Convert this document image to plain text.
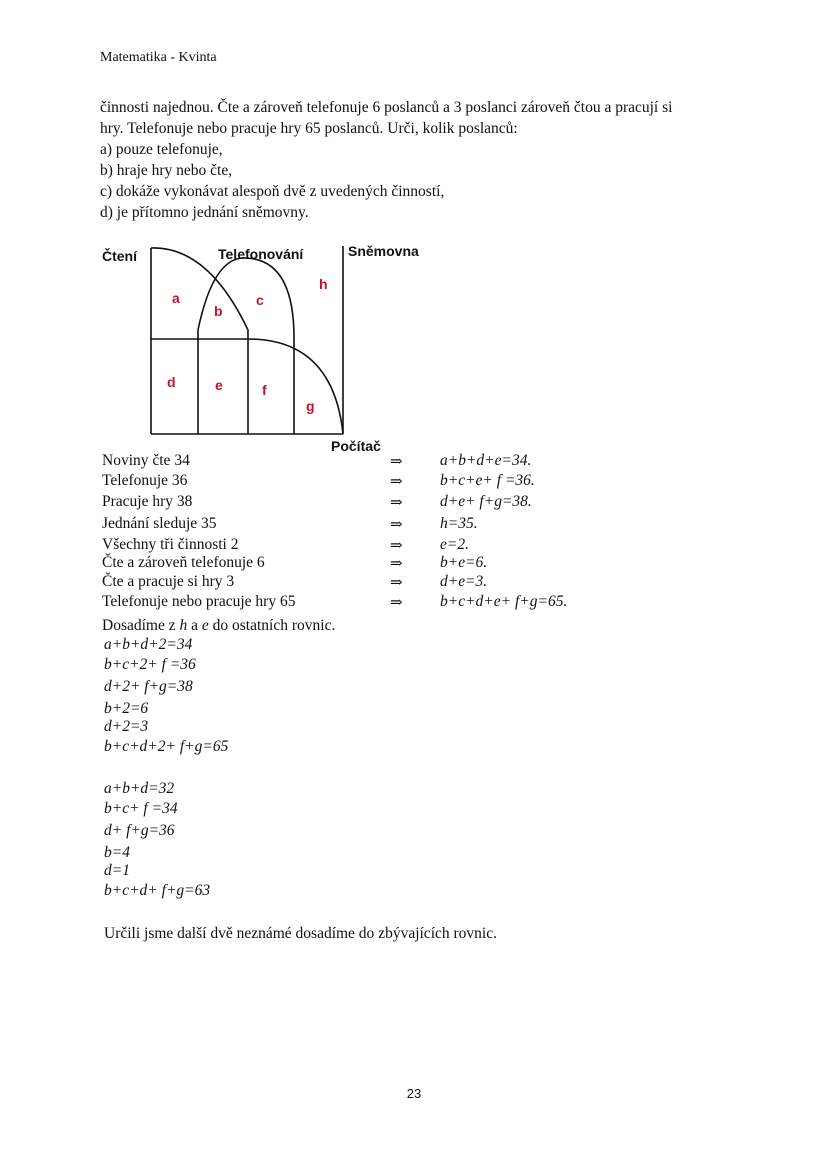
Matematika - Kvinta
činnosti najednou. Čte a zároveň telefonuje 6 poslanců a 3 poslanci zároveň čtou a pracují si
hry. Telefonuje nebo pracuje hry 65 poslanců. Urči, kolik poslanců:
a) pouze telefonuje,
b) hraje hry nebo čte,
c) dokáže vykonávat alespoň dvě z uvedených činností,
d) je přítomno jednání sněmovny.
Čtení	Telefonování	Sněmovna
Počítač
a
b
c
h
d	e	f
g
Noviny čte 34	⇒ a+b+d+e=34.
Telefonuje 36	⇒ b+c+e+ f =36.
Pracuje hry 38	⇒ d+e+ f+g=38.
Jednání sleduje 35	⇒ h=35.
Všechny tři činnosti 2	⇒ e=2.
Čte a zároveň telefonuje 6	⇒ b+e=6.
Čte a pracuje si hry 3	⇒ d+e=3.
Telefonuje nebo pracuje hry 65	⇒ b+c+d+e+ f+g=65.
Dosadíme z h a e do ostatních rovnic.
a+b+d+2=34
b+c+2+ f =36
d+2+ f+g=38
b+2=6
d+2=3
b+c+d+2+ f+g=65
a+b+d=32
b+c+ f =34
d+ f+g=36
b=4
d=1
b+c+d+ f+g=63
Určili jsme další dvě neznámé dosadíme do zbývajících rovnic.
23
